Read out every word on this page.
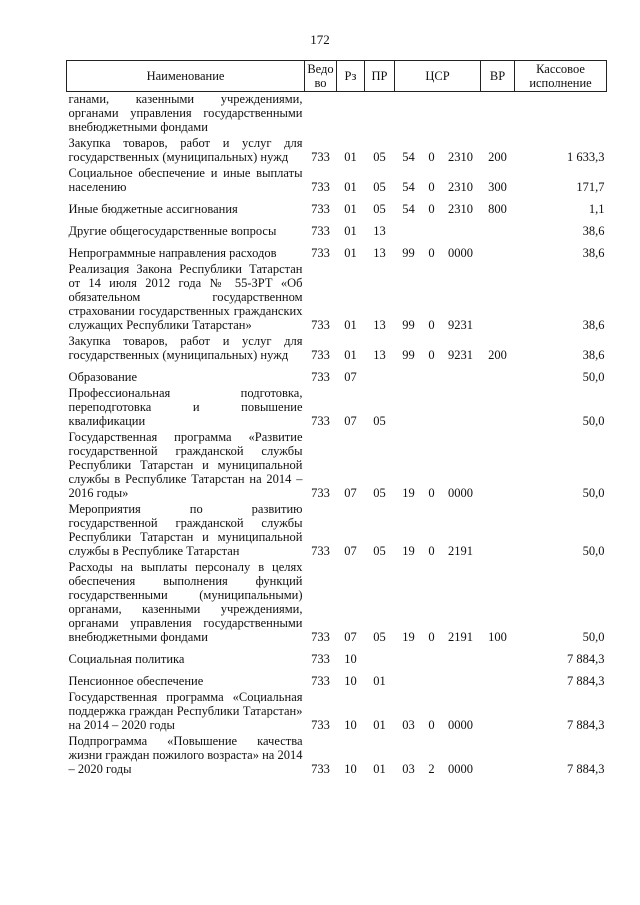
172
Наименование	Ведо
во	Рз	ПР	ЦСР			ВР	Кассовое
исполнение

ганами, казенными учреждениями, органами управления государственными внебюджетными фондами								
Закупка товаров, работ и услуг для государственных (муниципальных) нужд	733	01	05	54	0	2310	200	1 633,3
Социальное обеспечение и иные выплаты населению	733	01	05	54	0	2310	300	171,7
Иные бюджетные ассигнования	733	01	05	54	0	2310	800	1,1
Другие общегосударственные вопросы	733	01	13					38,6
Непрограммные направления расходов	733	01	13	99	0	0000		38,6
Реализация Закона Республики Татарстан от 14 июля 2012 года № 55-ЗРТ «Об обязательном государственном страховании государственных гражданских служащих Республики Татарстан»	733	01	13	99	0	9231		38,6
Закупка товаров, работ и услуг для государственных (муниципальных) нужд	733	01	13	99	0	9231	200	38,6
Образование	733	07						50,0
Профессиональная подготовка, переподготовка и повышение квалификации	733	07	05					50,0
Государственная программа «Развитие государственной гражданской службы Республики Татарстан и муниципальной службы в Республике Татарстан на 2014 – 2016 годы»	733	07	05	19	0	0000		50,0
Мероприятия по развитию государственной гражданской службы Республики Татарстан и муниципальной службы в Республике Татарстан	733	07	05	19	0	2191		50,0
Расходы на выплаты персоналу в целях обеспечения выполнения функций государственными (муниципальными) органами, казенными учреждениями, органами управления государственными внебюджетными фондами	733	07	05	19	0	2191	100	50,0
Социальная политика	733	10						7 884,3
Пенсионное обеспечение	733	10	01					7 884,3
Государственная программа «Социальная поддержка граждан Республики Татарстан» на 2014 – 2020 годы	733	10	01	03	0	0000		7 884,3
Подпрограмма «Повышение качества жизни граждан пожилого возраста» на 2014 – 2020 годы	733	10	01	03	2	0000		7 884,3
